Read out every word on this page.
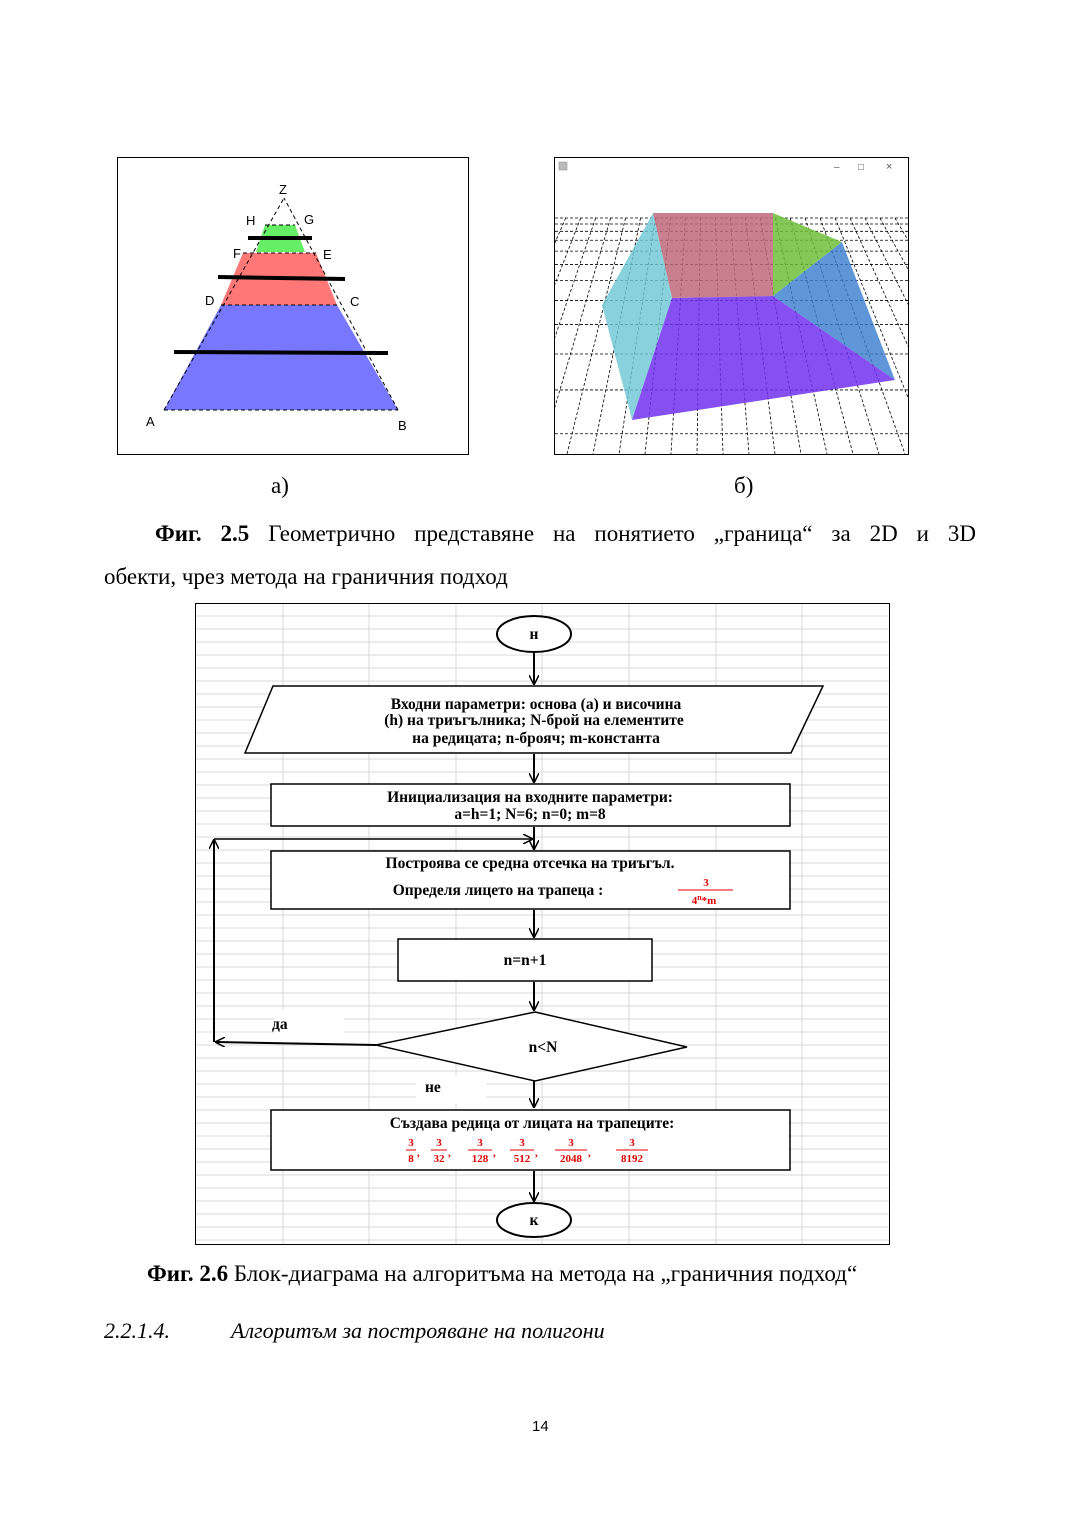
Z
H	G
F	E
D	C
A	B
– □ ×
а)	б)
Фиг. 2.5 Геометрично представяне на понятието „граница“ за 2D и 3D
обекти, чрез метода на граничния подход
н
Входни параметри: основа (a) и височина
(h) на триъгълника; N-брой на елементите
на редицата; n-брояч; m-константа
Инициализация на входните параметри:
a=h=1; N=6; n=0; m=8
Построява се средна отсечка на триъгъл.
Определя лицето на трапеца :	3
4$^n$*m
n=n+1
n<N
да
не
Създава редица от лицата на трапеците:
3
8 ,
3
32 ,
3
128 ,
3
512 ,
3
2048 ,
3
8192
к
Фиг. 2.6 Блок-диаграма на алгоритъма на метода на „граничния подход“
2.2.1.4.	Алгоритъм за построяване на полигони
14
